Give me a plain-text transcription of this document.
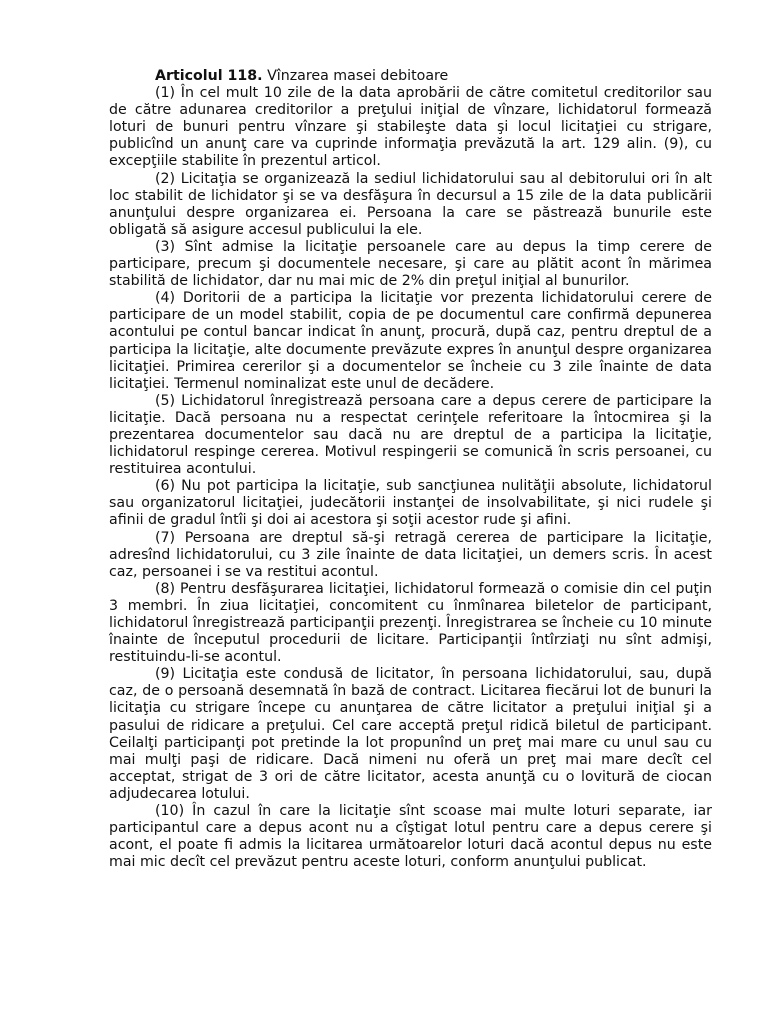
Articolul 118. Vînzarea masei debitoare

(1) În cel mult 10 zile de la data aprobării de către comitetul creditorilor sau de către adunarea creditorilor a preţului iniţial de vînzare, lichidatorul formează loturi de bunuri pentru vînzare şi stabileşte data şi locul licitaţiei cu strigare, publicînd un anunţ care va cuprinde informaţia prevăzută la art. 129 alin. (9), cu excepţiile stabilite în prezentul articol.

(2) Licitaţia se organizează la sediul lichidatorului sau al debitorului ori în alt loc stabilit de lichidator şi se va desfăşura în decursul a 15 zile de la data publicării anunţului despre organizarea ei. Persoana la care se păstrează bunurile este obligată să asigure accesul publicului la ele.

(3) Sînt admise la licitaţie persoanele care au depus la timp cerere de participare, precum şi documentele necesare, şi care au plătit acont în mărimea stabilită de lichidator, dar nu mai mic de 2% din preţul iniţial al bunurilor.

(4) Doritorii de a participa la licitaţie vor prezenta lichidatorului cerere de participare de un model stabilit, copia de pe documentul care confirmă depunerea acontului pe contul bancar indicat în anunţ, procură, după caz, pentru dreptul de a participa la licitaţie, alte documente prevăzute expres în anunţul despre organizarea licitaţiei. Primirea cererilor şi a documentelor se încheie cu 3 zile înainte de data licitaţiei. Termenul nominalizat este unul de decădere.

(5) Lichidatorul înregistrează persoana care a depus cerere de participare la licitaţie. Dacă persoana nu a respectat cerinţele referitoare la întocmirea şi la prezentarea documentelor sau dacă nu are dreptul de a participa la licitaţie, lichidatorul respinge cererea. Motivul respingerii se comunică în scris persoanei, cu restituirea acontului.

(6) Nu pot participa la licitaţie, sub sancţiunea nulităţii absolute, lichidatorul sau organizatorul licitaţiei, judecătorii instanţei de insolvabilitate, şi nici rudele şi afinii de gradul întîi şi doi ai acestora şi soţii acestor rude şi afini.

(7) Persoana are dreptul să-şi retragă cererea de participare la licitaţie, adresînd lichidatorului, cu 3 zile înainte de data licitaţiei, un demers scris. În acest caz, persoanei i se va restitui acontul.

(8) Pentru desfăşurarea licitaţiei, lichidatorul formează o comisie din cel puţin 3 membri. În ziua licitaţiei, concomitent cu înmînarea biletelor de participant, lichidatorul înregistrează participanţii prezenţi. Înregistrarea se încheie cu 10 minute înainte de începutul procedurii de licitare. Participanţii întîrziaţi nu sînt admişi, restituindu-li-se acontul.

(9) Licitaţia este condusă de licitator, în persoana lichidatorului, sau, după caz, de o persoană desemnată în bază de contract. Licitarea fiecărui lot de bunuri la licitaţia cu strigare începe cu anunţarea de către licitator a preţului iniţial şi a pasului de ridicare a preţului. Cel care acceptă preţul ridică biletul de participant. Ceilalţi participanţi pot pretinde la lot propunînd un preţ mai mare cu unul sau cu mai mulţi paşi de ridicare. Dacă nimeni nu oferă un preţ mai mare decît cel acceptat, strigat de 3 ori de către licitator, acesta anunţă cu o lovitură de ciocan adjudecarea lotului.

(10) În cazul în care la licitaţie sînt scoase mai multe loturi separate, iar participantul care a depus acont nu a cîştigat lotul pentru care a depus cerere şi acont, el poate fi admis la licitarea următoarelor loturi dacă acontul depus nu este mai mic decît cel prevăzut pentru aceste loturi, conform anunţului publicat.
